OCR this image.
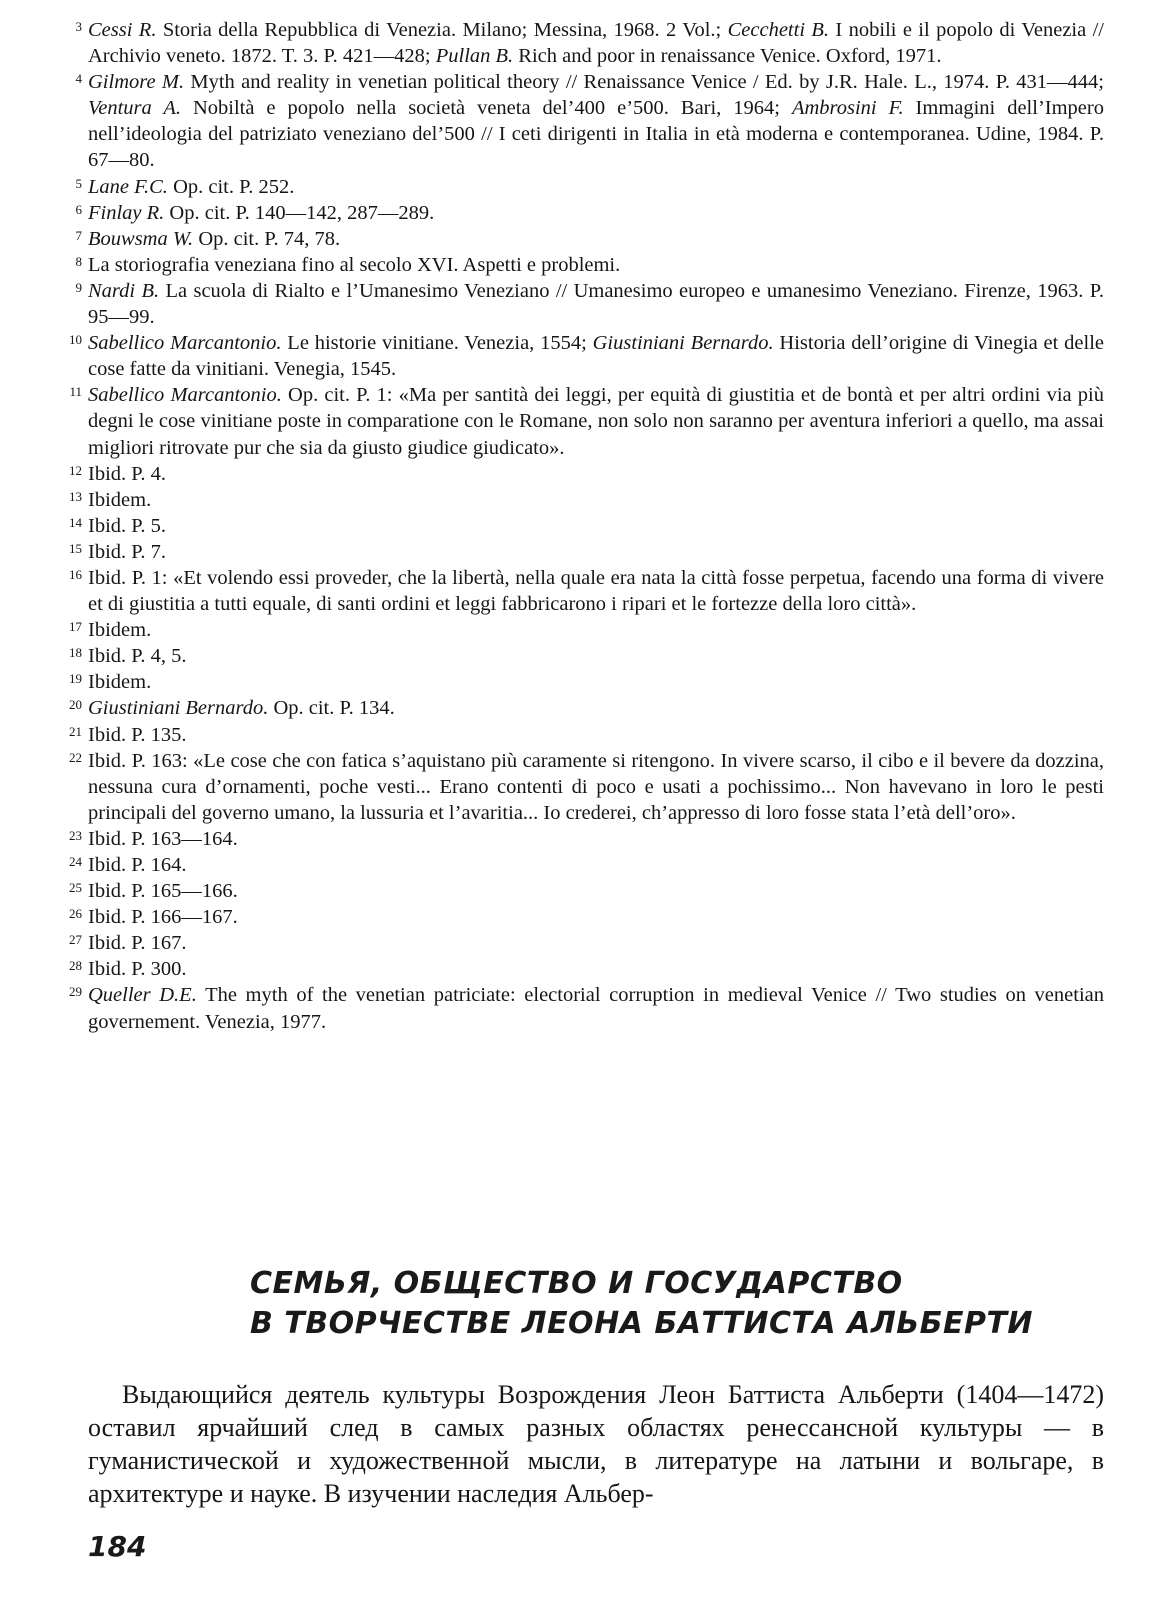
3 Cessi R. Storia della Repubblica di Venezia. Milano; Messina, 1968. 2 Vol.; Cecchetti B. I nobili e il popolo di Venezia // Archivio veneto. 1872. T. 3. P. 421—428; Pullan B. Rich and poor in renaissance Venice. Oxford, 1971.
4 Gilmore M. Myth and reality in venetian political theory // Renaissance Venice / Ed. by J.R. Hale. L., 1974. P. 431—444; Ventura A. Nobiltà e popolo nella società veneta del’400 e’500. Bari, 1964; Ambrosini F. Immagini dell’Impero nell’ideologia del patriziato veneziano del’500 // I ceti dirigenti in Italia in età moderna e contemporanea. Udine, 1984. P. 67—80.
5 Lane F.C. Op. cit. P. 252.
6 Finlay R. Op. cit. P. 140—142, 287—289.
7 Bouwsma W. Op. cit. P. 74, 78.
8 La storiografia veneziana fino al secolo XVI. Aspetti e problemi.
9 Nardi B. La scuola di Rialto e l’Umanesimo Veneziano // Umanesimo europeo e umanesimo Veneziano. Firenze, 1963. P. 95—99.
10 Sabellico Marcantonio. Le historie vinitiane. Venezia, 1554; Giustiniani Bernardo. Historia dell’origine di Vinegia et delle cose fatte da vinitiani. Venegia, 1545.
11 Sabellico Marcantonio. Op. cit. P. 1: «Ma per santità dei leggi, per equità di giustitia et de bontà et per altri ordini via più degni le cose vinitiane poste in comparatione con le Romane, non solo non saranno per aventura inferiori a quello, ma assai migliori ritrovate pur che sia da giusto giudice giudicato».
12 Ibid. P. 4.
13 Ibidem.
14 Ibid. P. 5.
15 Ibid. P. 7.
16 Ibid. P. 1: «Et volendo essi proveder, che la libertà, nella quale era nata la città fosse perpetua, facendo una forma di vivere et di giustitia a tutti equale, di santi ordini et leggi fabbricarono i ripari et le fortezze della loro città».
17 Ibidem.
18 Ibid. P. 4, 5.
19 Ibidem.
20 Giustiniani Bernardo. Op. cit. P. 134.
21 Ibid. P. 135.
22 Ibid. P. 163: «Le cose che con fatica s’aquistano più caramente si ritengono. In vivere scarso, il cibo e il bevere da dozzina, nessuna cura d’ornamenti, poche vesti... Erano contenti di poco e usati a pochissimo... Non havevano in loro le pesti principali del governo umano, la lussuria et l’avaritia... Io crederei, ch’appresso di loro fosse stata l’età dell’oro».
23 Ibid. P. 163—164.
24 Ibid. P. 164.
25 Ibid. P. 165—166.
26 Ibid. P. 166—167.
27 Ibid. P. 167.
28 Ibid. P. 300.
29 Queller D.E. The myth of the venetian patriciate: electorial corruption in medieval Venice // Two studies on venetian governement. Venezia, 1977.
СЕМЬЯ, ОБЩЕСТВО И ГОСУДАРСТВО
В ТВОРЧЕСТВЕ ЛЕОНА БАТТИСТА АЛЬБЕРТИ
Выдающийся деятель культуры Возрождения Леон Баттиста Альберти (1404—1472) оставил ярчайший след в самых разных областях ренессансной культуры — в гуманистической и художественной мысли, в литературе на латыни и вольгаре, в архитектуре и науке. В изучении наследия Альбер-
184
